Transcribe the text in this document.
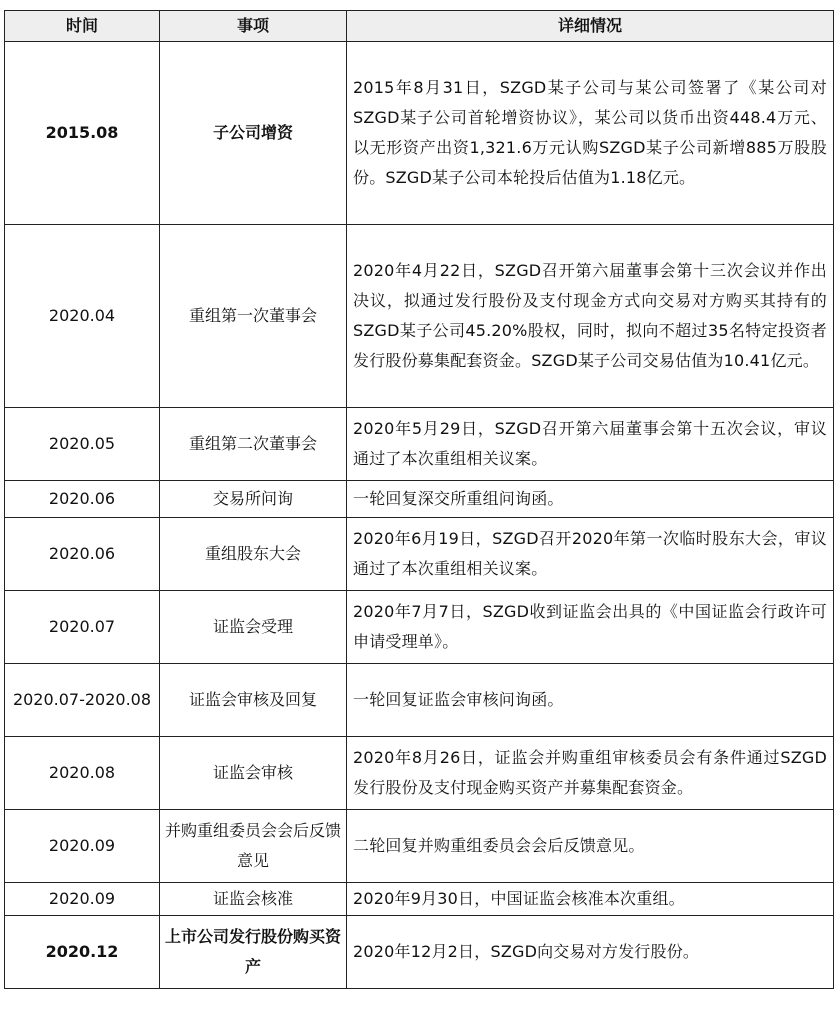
时间	事项	详细情况
2015.08	子公司增资	2015年8月31日，SZGD某子公司与某公司签署了《某公司对SZGD某子公司首轮增资协议》，某公司以货币出资448.4万元、以无形资产出资1,321.6万元认购SZGD某子公司新增885万股股份。SZGD某子公司本轮投后估值为1.18亿元。
2020.04	重组第一次董事会	2020年4月22日，SZGD召开第六届董事会第十三次会议并作出决议，拟通过发行股份及支付现金方式向交易对方购买其持有的SZGD某子公司45.20%股权，同时，拟向不超过35名特定投资者发行股份募集配套资金。SZGD某子公司交易估值为10.41亿元。
2020.05	重组第二次董事会	2020年5月29日，SZGD召开第六届董事会第十五次会议，审议通过了本次重组相关议案。
2020.06	交易所问询	一轮回复深交所重组问询函。
2020.06	重组股东大会	2020年6月19日，SZGD召开2020年第一次临时股东大会，审议通过了本次重组相关议案。
2020.07	证监会受理	2020年7月7日，SZGD收到证监会出具的《中国证监会行政许可申请受理单》。
2020.07-2020.08	证监会审核及回复	一轮回复证监会审核问询函。
2020.08	证监会审核	2020年8月26日，证监会并购重组审核委员会有条件通过SZGD发行股份及支付现金购买资产并募集配套资金。
2020.09	并购重组委员会会后反馈意见	二轮回复并购重组委员会会后反馈意见。
2020.09	证监会核准	2020年9月30日，中国证监会核准本次重组。
2020.12	上市公司发行股份购买资产	2020年12月2日，SZGD向交易对方发行股份。
